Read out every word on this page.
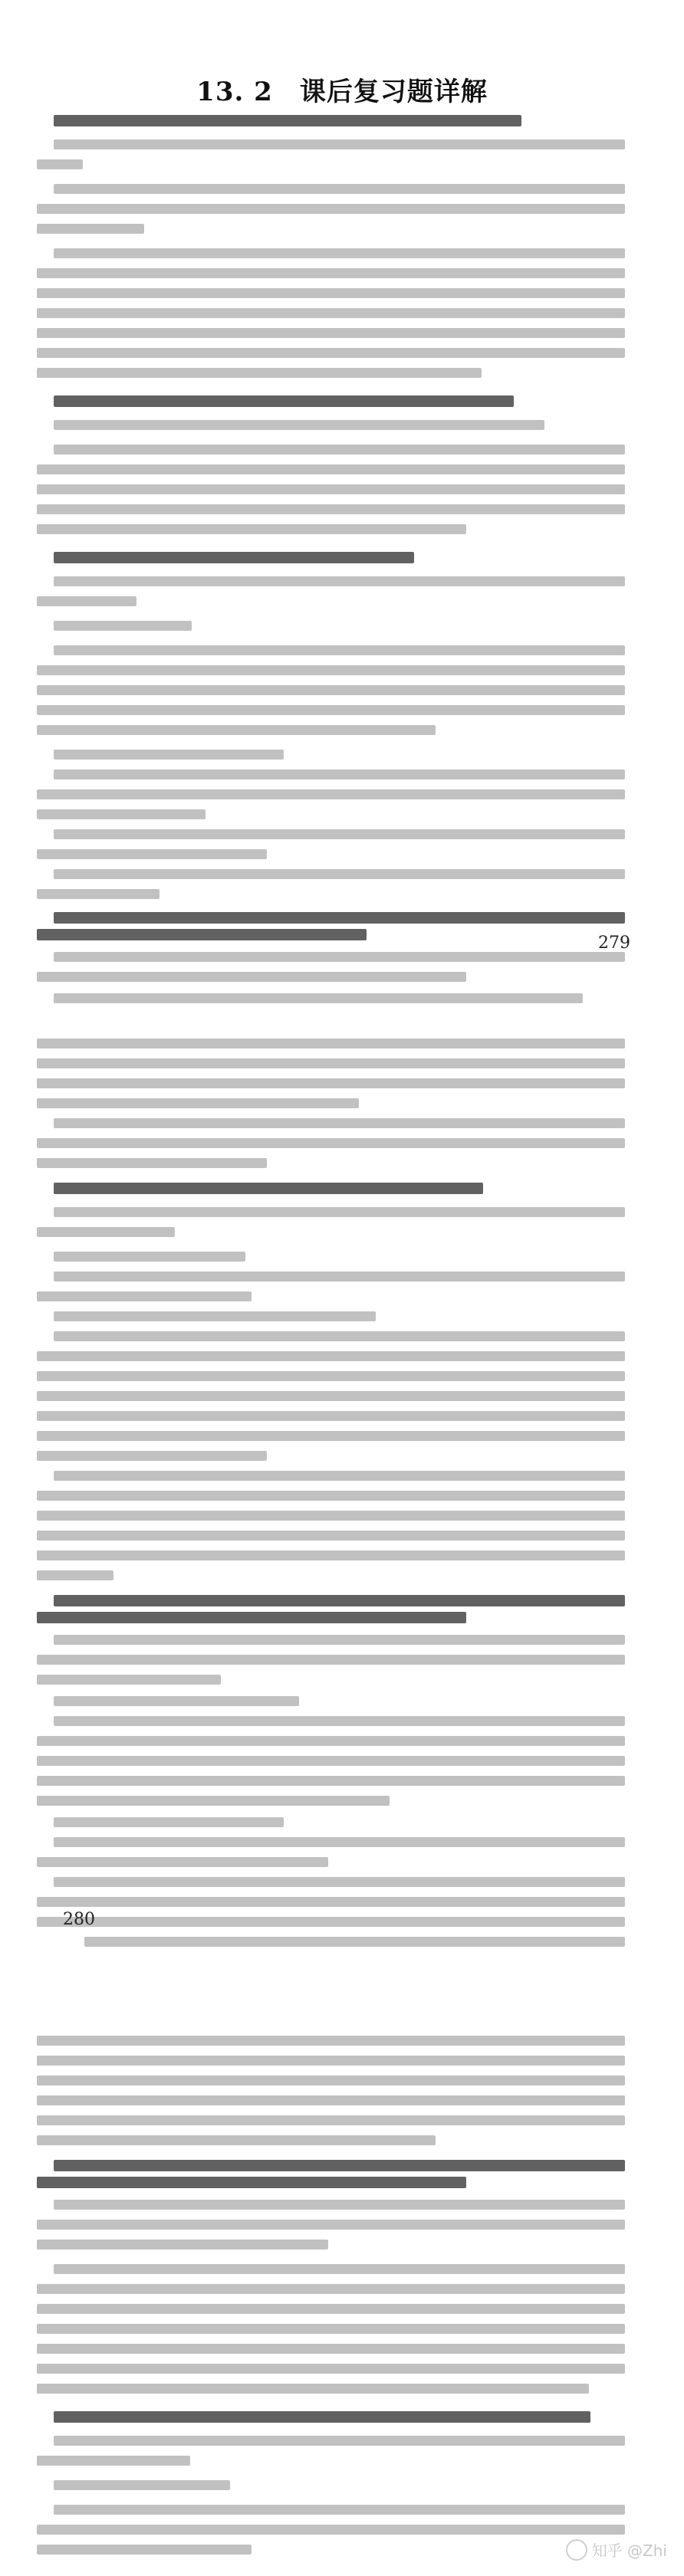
13. 2　课后复习题详解
279
280
知乎 @Zhi
